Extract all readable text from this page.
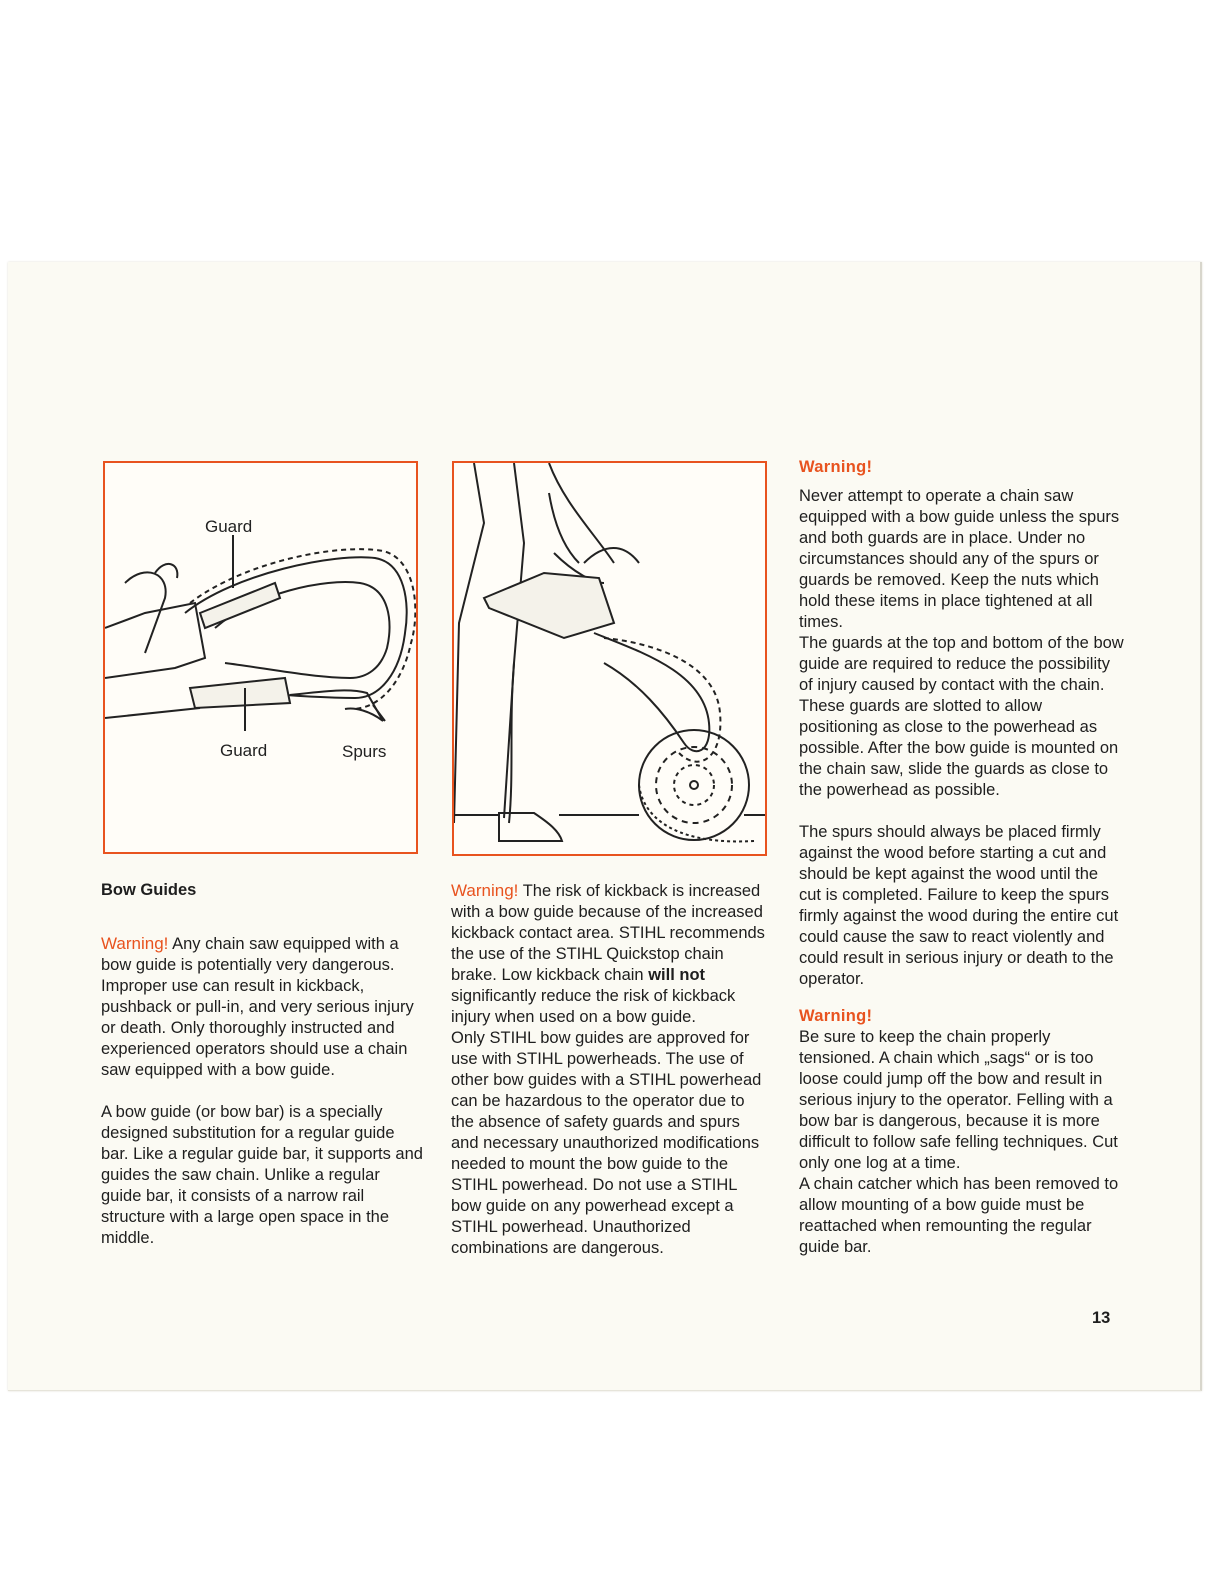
Guard
Guard	Spurs

Bow Guides

Warning! Any chain saw equipped with a bow guide is potentially very dangerous. Improper use can result in kickback, pushback or pull-in, and very serious injury or death. Only thoroughly instructed and experienced operators should use a chain saw equipped with a bow guide.

A bow guide (or bow bar) is a specially designed substitution for a regular guide bar. Like a regular guide bar, it supports and guides the saw chain. Unlike a regular guide bar, it consists of a narrow rail structure with a large open space in the middle.

Warning! The risk of kickback is increased with a bow guide because of the increased kickback contact area. STIHL recommends the use of the STIHL Quickstop chain brake. Low kickback chain will not significantly reduce the risk of kickback injury when used on a bow guide.

Only STIHL bow guides are approved for use with STIHL powerheads. The use of other bow guides with a STIHL powerhead can be hazardous to the operator due to the absence of safety guards and spurs and necessary unauthorized modifications needed to mount the bow guide to the STIHL powerhead. Do not use a STIHL bow guide on any powerhead except a STIHL powerhead. Unauthorized combinations are dangerous.

Warning!

Never attempt to operate a chain saw equipped with a bow guide unless the spurs and both guards are in place. Under no circumstances should any of the spurs or guards be removed. Keep the nuts which hold these items in place tightened at all times.

The guards at the top and bottom of the bow guide are required to reduce the possibility of injury caused by contact with the chain. These guards are slotted to allow positioning as close to the powerhead as possible. After the bow guide is mounted on the chain saw, slide the guards as close to the powerhead as possible.

The spurs should always be placed firmly against the wood before starting a cut and should be kept against the wood until the cut is completed. Failure to keep the spurs firmly against the wood during the entire cut could cause the saw to react violently and could result in serious injury or death to the operator.

Warning!

Be sure to keep the chain properly tensioned. A chain which „sags“ or is too loose could jump off the bow and result in serious injury to the operator. Felling with a bow bar is dangerous, because it is more difficult to follow safe felling techniques. Cut only one log at a time.

A chain catcher which has been removed to allow mounting of a bow guide must be reattached when remounting the regular guide bar.

13
